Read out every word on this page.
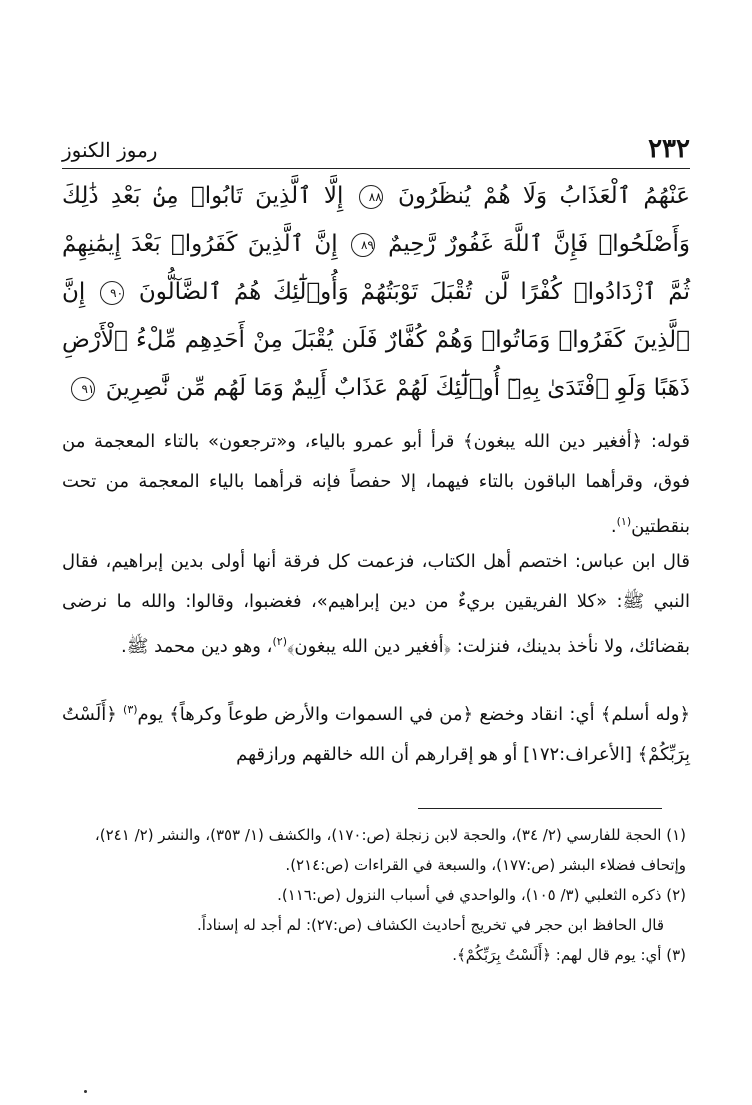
٢٣٢
رموز الكنوز
عَنْهُمُ ٱلْعَذَابُ وَلَا هُمْ يُنظَرُونَ ٨٨ إِلَّا ٱلَّذِينَ تَابُوا۟ مِنۢ بَعْدِ ذَٰلِكَ وَأَصْلَحُوا۟ فَإِنَّ ٱللَّهَ غَفُورٌ رَّحِيمٌ ٨٩ إِنَّ ٱلَّذِينَ كَفَرُوا۟ بَعْدَ إِيمَٰنِهِمْ ثُمَّ ٱزْدَادُوا۟ كُفْرًا لَّن تُقْبَلَ تَوْبَتُهُمْ وَأُو۟لَٰٓئِكَ هُمُ ٱلضَّآلُّونَ ٩٠ إِنَّ ٱلَّذِينَ كَفَرُوا۟ وَمَاتُوا۟ وَهُمْ كُفَّارٌ فَلَن يُقْبَلَ مِنْ أَحَدِهِم مِّلْءُ ٱلْأَرْضِ ذَهَبًا وَلَوِ ٱفْتَدَىٰ بِهِۦٓ أُو۟لَٰٓئِكَ لَهُمْ عَذَابٌ أَلِيمٌ وَمَا لَهُم مِّن نَّٰصِرِينَ ٩١

قوله: ﴿أفغير دين الله يبغون﴾ قرأ أبو عمرو بالياء، و«ترجعون» بالتاء المعجمة من فوق، وقرأهما الباقون بالتاء فيهما، إلا حفصاً فإنه قرأهما بالياء المعجمة من تحت بنقطتين$^{(١)}$.

قال ابن عباس: اختصم أهل الكتاب، فزعمت كل فرقة أنها أولى بدين إبراهيم، فقال النبي ﷺ: «كلا الفريقين بريءٌ من دين إبراهيم»، فغضبوا، وقالوا: والله ما نرضى بقضائك، ولا نأخذ بدينك، فنزلت: ﴿أفغير دين الله يبغون﴾$^{(٢)}$، وهو دين محمد ﷺ.

﴿وله أسلم﴾ أي: انقاد وخضع ﴿من في السموات والأرض طوعاً وكرهاً﴾ يوم$^{(٣)}$ ﴿أَلَسْتُ بِرَبِّكُمْ﴾ [الأعراف:١٧٢] أو هو إقرارهم أن الله خالقهم ورازقهم

(١) الحجة للفارسي (٢/ ٣٤)، والحجة لابن زنجلة (ص:١٧٠)، والكشف (١/ ٣٥٣)، والنشر (٢/ ٢٤١)، وإتحاف فضلاء البشر (ص:١٧٧)، والسبعة في القراءات (ص:٢١٤).

(٢) ذكره الثعلبي (٣/ ١٠٥)، والواحدي في أسباب النزول (ص:١١٦).

قال الحافظ ابن حجر في تخريج أحاديث الكشاف (ص:٢٧): لم أجد له إسناداً.

(٣) أي: يوم قال لهم: ﴿أَلَسْتُ بِرَبِّكُمْ﴾.
